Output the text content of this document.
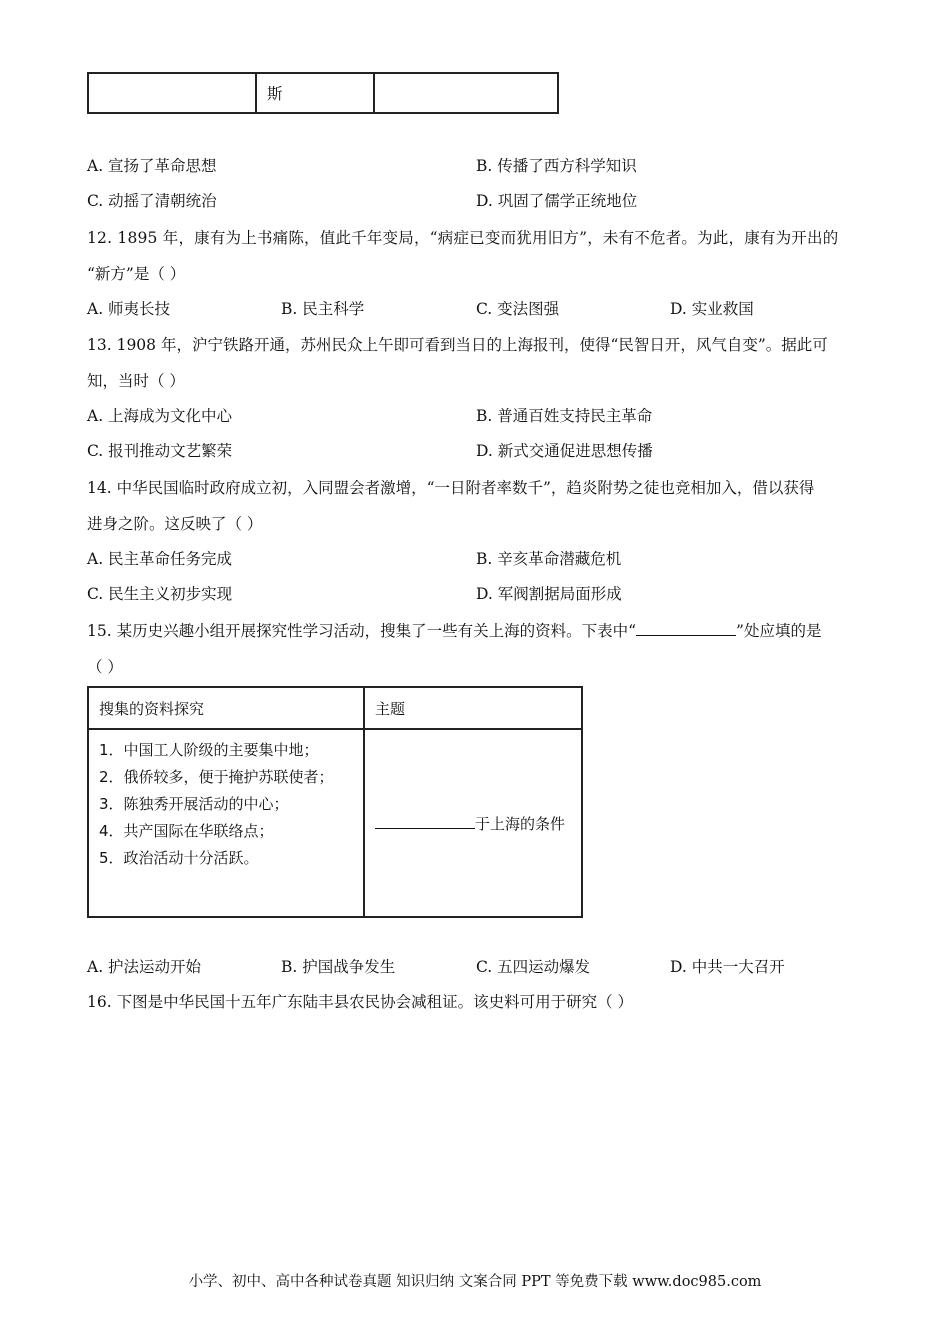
	斯	
A. 宣扬了革命思想	B. 传播了西方科学知识
C. 动摇了清朝统治	D. 巩固了儒学正统地位
12. 1895 年，康有为上书痛陈，值此千年变局，“病症已变而犹用旧方”，未有不危者。为此，康有为开出的
“新方”是（ ）
A. 师夷长技	B. 民主科学	C. 变法图强	D. 实业救国
13. 1908 年，沪宁铁路开通，苏州民众上午即可看到当日的上海报刊，使得“民智日开，风气自变”。据此可
知，当时（ ）
A. 上海成为文化中心	B. 普通百姓支持民主革命
C. 报刊推动文艺繁荣	D. 新式交通促进思想传播
14. 中华民国临时政府成立初，入同盟会者激增，“一日附者率数千”，趋炎附势之徒也竞相加入，借以获得
进身之阶。这反映了（ ）
A. 民主革命任务完成	B. 辛亥革命潜藏危机
C. 民生主义初步实现	D. 军阀割据局面形成
15. 某历史兴趣小组开展探究性学习活动，搜集了一些有关上海的资料。下表中“	”处应填的是
（ ）
搜集的资料探究	主题

1．中国工人阶级的主要集中地；
2．俄侨较多，便于掩护苏联使者；
3．陈独秀开展活动的中心；
4．共产国际在华联络点；
5．政治活动十分活跃。	于上海的条件
A. 护法运动开始	B. 护国战争发生	C. 五四运动爆发	D. 中共一大召开
16. 下图是中华民国十五年广东陆丰县农民协会减租证。该史料可用于研究（ ）
小学、初中、高中各种试卷真题 知识归纳 文案合同 PPT 等免费下载 www.doc985.com
